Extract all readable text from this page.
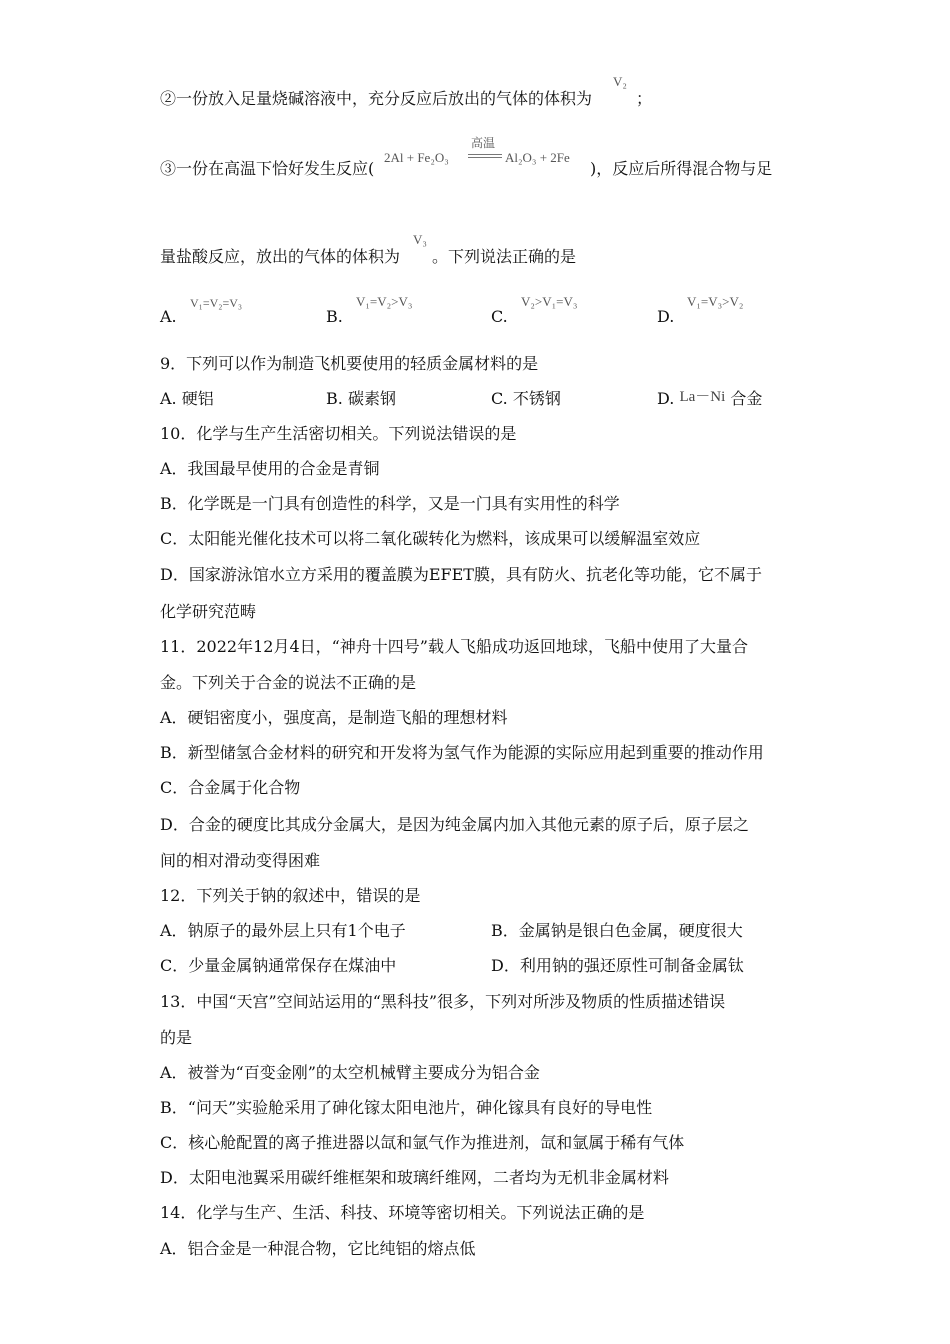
②一份放入足量烧碱溶液中，充分反应后放出的气体的体积为
V₂
；
③一份在高温下恰好发生反应(
2Al + Fe₂O₃
高温
Al₂O₃ + 2Fe
)，反应后所得混合物与足
量盐酸反应，放出的气体的体积为
V₃
。下列说法正确的是
A.
V₁=V₂=V₃
B.
V₁=V₂>V₃
C.
V₂>V₁=V₃
D.
V₁=V₃>V₂
9．下列可以作为制造飞机要使用的轻质金属材料的是
A. 硬铝	B. 碳素钢	C. 不锈钢	D. La－Ni 合金
10．化学与生产生活密切相关。下列说法错误的是
A．我国最早使用的合金是青铜
B．化学既是一门具有创造性的科学，又是一门具有实用性的科学
C．太阳能光催化技术可以将二氧化碳转化为燃料，该成果可以缓解温室效应
D．国家游泳馆水立方采用的覆盖膜为EFET膜，具有防火、抗老化等功能，它不属于
化学研究范畴
11．2022年12月4日，“神舟十四号”载人飞船成功返回地球，飞船中使用了大量合
金。下列关于合金的说法不正确的是
A．硬铝密度小，强度高，是制造飞船的理想材料
B．新型储氢合金材料的研究和开发将为氢气作为能源的实际应用起到重要的推动作用
C．合金属于化合物
D．合金的硬度比其成分金属大，是因为纯金属内加入其他元素的原子后，原子层之
间的相对滑动变得困难
12．下列关于钠的叙述中，错误的是
A．钠原子的最外层上只有1个电子	B．金属钠是银白色金属，硬度很大
C．少量金属钠通常保存在煤油中	D．利用钠的强还原性可制备金属钛
13．中国“天宫”空间站运用的“黑科技”很多，下列对所涉及物质的性质描述错误
的是
A．被誉为“百变金刚”的太空机械臂主要成分为铝合金
B．“问天”实验舱采用了砷化镓太阳电池片，砷化镓具有良好的导电性
C．核心舱配置的离子推进器以氙和氩气作为推进剂，氙和氩属于稀有气体
D．太阳电池翼采用碳纤维框架和玻璃纤维网，二者均为无机非金属材料
14．化学与生产、生活、科技、环境等密切相关。下列说法正确的是
A．铝合金是一种混合物，它比纯铝的熔点低
